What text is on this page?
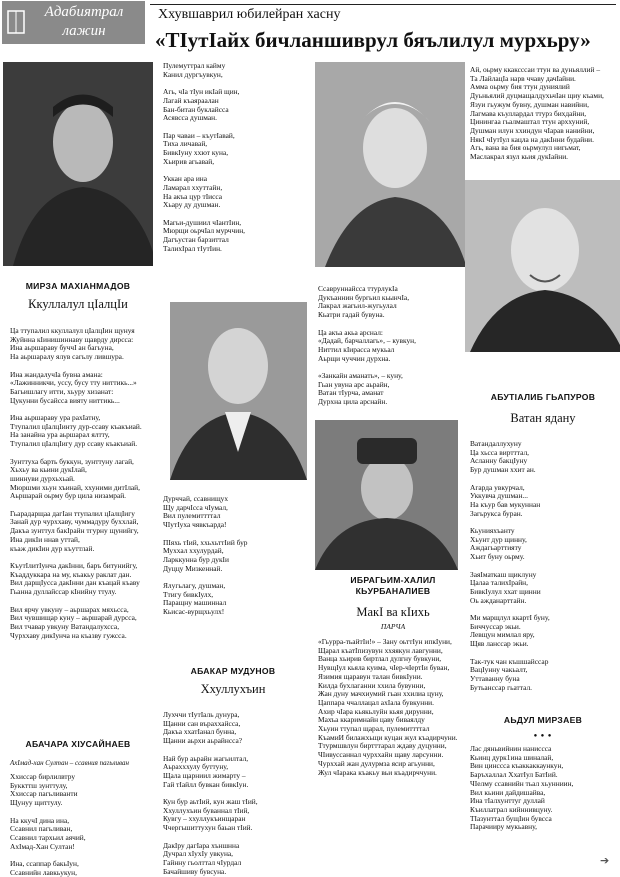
Адабиятрал
лажин
Ххувшаврил юбилейран хасну
«ТIутIайх бичланшиврул бяълилул мурхьру»
МИРЗА МАХIАНМАДОВ
Ккуллалул цIалцIи
Ца ттупалил ккуллалул цIалцIин щунуя
Жуйнна кIинишиннаву щаврду дирсса:
Ина аьршараву буччI ан багьуна,
На аьршаралу ялув сагьлу лившура.

Ина жандалучIа бувна амана:
«Лажинникчи, уссу, бусу тту ниттикь...»
Багьишлагу итти, хьуру хизанат:
Цукунни бусайсса вияту ниттикь...

Ина аьршараву ура рахIатну,
Ттупалил цIалцIинту дур-ссаву къакъиай.
На занайна ура аьршарал ялтту,
Ттупалил цIалцIигу дур ссаву къакъиай.

Зунттуха барть буккун, зунттуну лагай,
Хьхьу ва кьини дукIлай,
шиннуви дурхьхьай.
Мюршми хьун хъинай, ххуними дитIлай,
Аьршарай оьрму бур цила низамрай.

Гьарадарщаа дагIан ттупалил цIалцIигу
Занай дур чурххаву, чуммадуру буххлай,
Дакъа зунттул бакIрайн тгурну щунийгу,
Ина дикIи ннав уттай,
къаж дикIин дур къуттлай.

КъутIлитIунча дакIнни, баръ битунийгу,
Къаддуккара на му, къакьу раклат дан.
Вил дарщIусса дакIнни дан къацай къаву
Гьанна дуллайссар кIнийну ттулу.

Вил ярчу увкуну – аьршарах мяхьсса,
Вил чувшищар куну – аьршарай дурсса,
Вил тчавар увкуну Ватандалухсса,
Чурххаву дикIунча на къазву гужсса.
АБАЧАРА ХIУСАЙНАЕВ
АхIмад-хан Султан – ссавния пагьливан
Ххиссар бирлилвтру
Буккттш зунттулу,
Ххиссар пагьливанти
Щунуу щиттулу.

На ккучI дина ина,
Ссавнил пагьливан,
Ссавнил тархьил аячий,
АхIмад-Хан Султан!

Ина, ссаппар бакьIун,
Ссавнийн лавкьукун,
Пулемуттрал кайму
Канил дургъувкун,

Агь, чIа тIун икIай щин,
Лагай къаяраалан
Бан-битан буклайсса
Асявсса душман.

Пар чаваи – къутIавай,
Тиха личавай,
БивкIуну ххют куна,
Хьирив агьавай,

Уккан ара ина
Ламарал ххуттайн,
На акъа цур тIисса
Хьару ду душман.

Магьи-душиил чIантIин,
Мюрщи оьрчIал мурччин,
Дагъустан барзиттал
ТалихIрал тIутIин.
Дурччай, ссавнищух
Щу дарчIсса чIумал,
Вил пулемиттттал
ЧIутIуха чявкъарда!

ПIяхь тIий, ххьхьттIий бур
Муххал ххулурдай,
Ларккунна бур дукIи
Дуццу Мизкеннай.

Ялугьлагу, душман,
Ттигу бивкIулх,
Паращну машиннал
Кьисас-вурщхьулх!
АБАКАР МУДУНОВ
Ххуллухъин
Лухччи тIутIаль дунура,
Щанни сан въраххайсса,
Дакъа ххатIанал бунна,
Щанни аьрхи аьрайнсса?

Най бур аьрайн жагьилтал,
Аьрахххулу буттуну,
Щала щарниил жимарту –
Гай тIайлл бувкан бивкIун.

Кун бур аьтIий, кун жаш тIий,
Ххуллухъин буваннал тIий,
Кувгу – ххуллукъинщаран
Ччергьшиттухун баьан тIий.

ДакIру дагIара хъншнна
Дучрал хIухIу увкуна,
Гайнну гьолттал чIурдал
Бачайшиву бувсуна.
Ссавруннайсса ттурлукIа
Дукъаннин бургьил кьынчIа,
Лакрал жагьил-жугьулал
Кьатри гадай бувуна.

Ца акъа акьа арснал:
«Дадай, барчаллагь», – кувкун,
Ниттил кIирасса мукьал
Аьрщи чуччин дурхна.

«Занкайн аманать», – куну,
Гьан увуна арс аьрайн,
Ватан тIурча, аманат
Дурхна цила арснайн.
ИБРАГЬИМ-ХАЛИЛ
КЬУРБАНАЛИЕВ
МакI ва кIихь
ПАРЧА
«Гьурра-тьайтIи!» – Зану оьттIун ипкIуни,
Щарал къатIпизувун ххяякун лавгунни,
Ванца хьирив биртлал дулгну бувкуни,
НувщIул кьяла куима, чIер-чIертIи буван,
Язимия щаравун талан бивкIуни.
Килда бухлаганни ххила бувунни,
Жан дуну мачхиумий гьан ххилиа цуну,
Цаппара ччаллацал ахIала бувкунни.
Ахир чIара кьякьлуйн кьяя дирунни,
Махъа ккаримнайн цаву биваялду
Хьуин ттупал щарал, пулемиттттал
КъамиИ билажхьщи куцан жул къадирчуни.
Ттурмшвлун биртттарал ждаву дуцунни,
ЧIивуссаннал чурххайн щаву ларсунни.
Чурххай жан дулурмза ясир агьунни,
Жул чIарака къакьу вьи къадирччуни.
Ай, оьрму ккаксссаи ттун ва дуньяллий –
Та ЛайлацIа нарв ччаву дачIайни.
Амма оьрму бия ттун дуниялий
Дуьньялий дуцмащалдухьчIан щиу къами,
Язуи гьужум бувну, душман навийни,
Лагмава къуллардал ттурз бихдайни,
Цинингаа гьалмаштал ттун арххуний,
Душман илун ххиндун чIарав нанийни,
НякI чIутIул кацла на дакIнни будайни.
Агь, вана ва бия оьрмулул нигьмат,
Маслакрал язул кьия дукIайни.
АБУТIАЛИБ ГЬАПУРОВ
Ватан ядану
Ватандаллухуну
Ца хьсса виртттал,
Асланну бакцIуну
Бур душман ххит ан.

Агарда увкурчал,
Уккувча душман...
На къур бав мукуннан
Загьрукса буран.

Кьунияхъанту
Хьунт дур щинну,
Аждагьарттияту
Хьит буну оьрму.

ЗаяIматкаш щиклуну
Цалаа талихIрайн,
БивкIулул ххат щинни
Оь ажданарттайн.

Ми марщлул ккартI буну,
Биччуссар экьи.
Левщун мимлал яру,
Щяв ланссар экьи.

Так-тук чан къшшайссар
ВацIунну чакьалт,
Уттаванну буна
Бутьанссар гьаттал.
АЬДУЛ МИРЗАЕВ
● ● ●
Лас дяньвийнин наниссса
Кьинц дурк1ина шиналай,
Вин цинссса къаккаккаункун,
Баръхаллал ХхатIул БатIий.
ЧIелму ссавнийн тьал хьунниин,
Вил кьини дайдишайва,
Ина тIалхунттуг дуллай
Къиллатрал кийннивцуну.
ТIазунттал бущIин бувсса
Парачииру мукьавну,
➔
